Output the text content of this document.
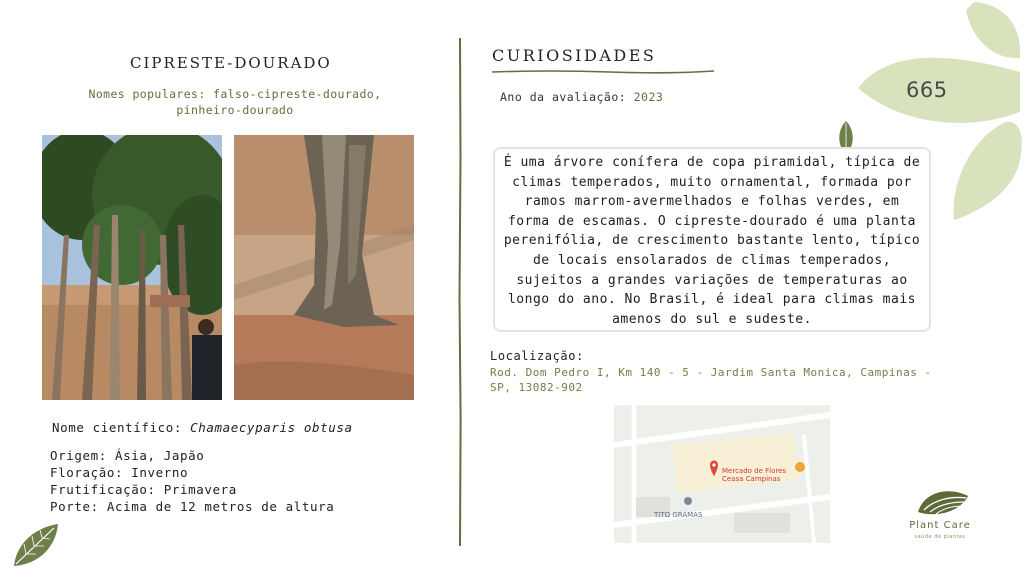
665
CIPRESTE-DOURADO
Nomes populares: falso-cipreste-dourado, pinheiro-dourado
Nome científico: Chamaecyparis obtusa
Origem: Ásia, Japão
Floração: Inverno
Frutificação: Primavera
Porte: Acima de 12 metros de altura
CURIOSIDADES
Ano da avaliação: 2023

É uma árvore conífera de copa piramidal, típica de climas temperados, muito ornamental, formada por ramos marrom-avermelhados e folhas verdes, em forma de escamas. O cipreste-dourado é uma planta perenifólia, de crescimento bastante lento, típico de locais ensolarados de climas temperados, sujeitos a grandes variações de temperaturas ao longo do ano. No Brasil, é ideal para climas mais amenos do sul e sudeste.

Localização:
Rod. Dom Pedro I, Km 140 - 5 - Jardim Santa Monica, Campinas - SP, 13082-902
Mercado de Flores
Ceasa Campinas
TITO GRAMAS
Plant Care
saúde de plantas
